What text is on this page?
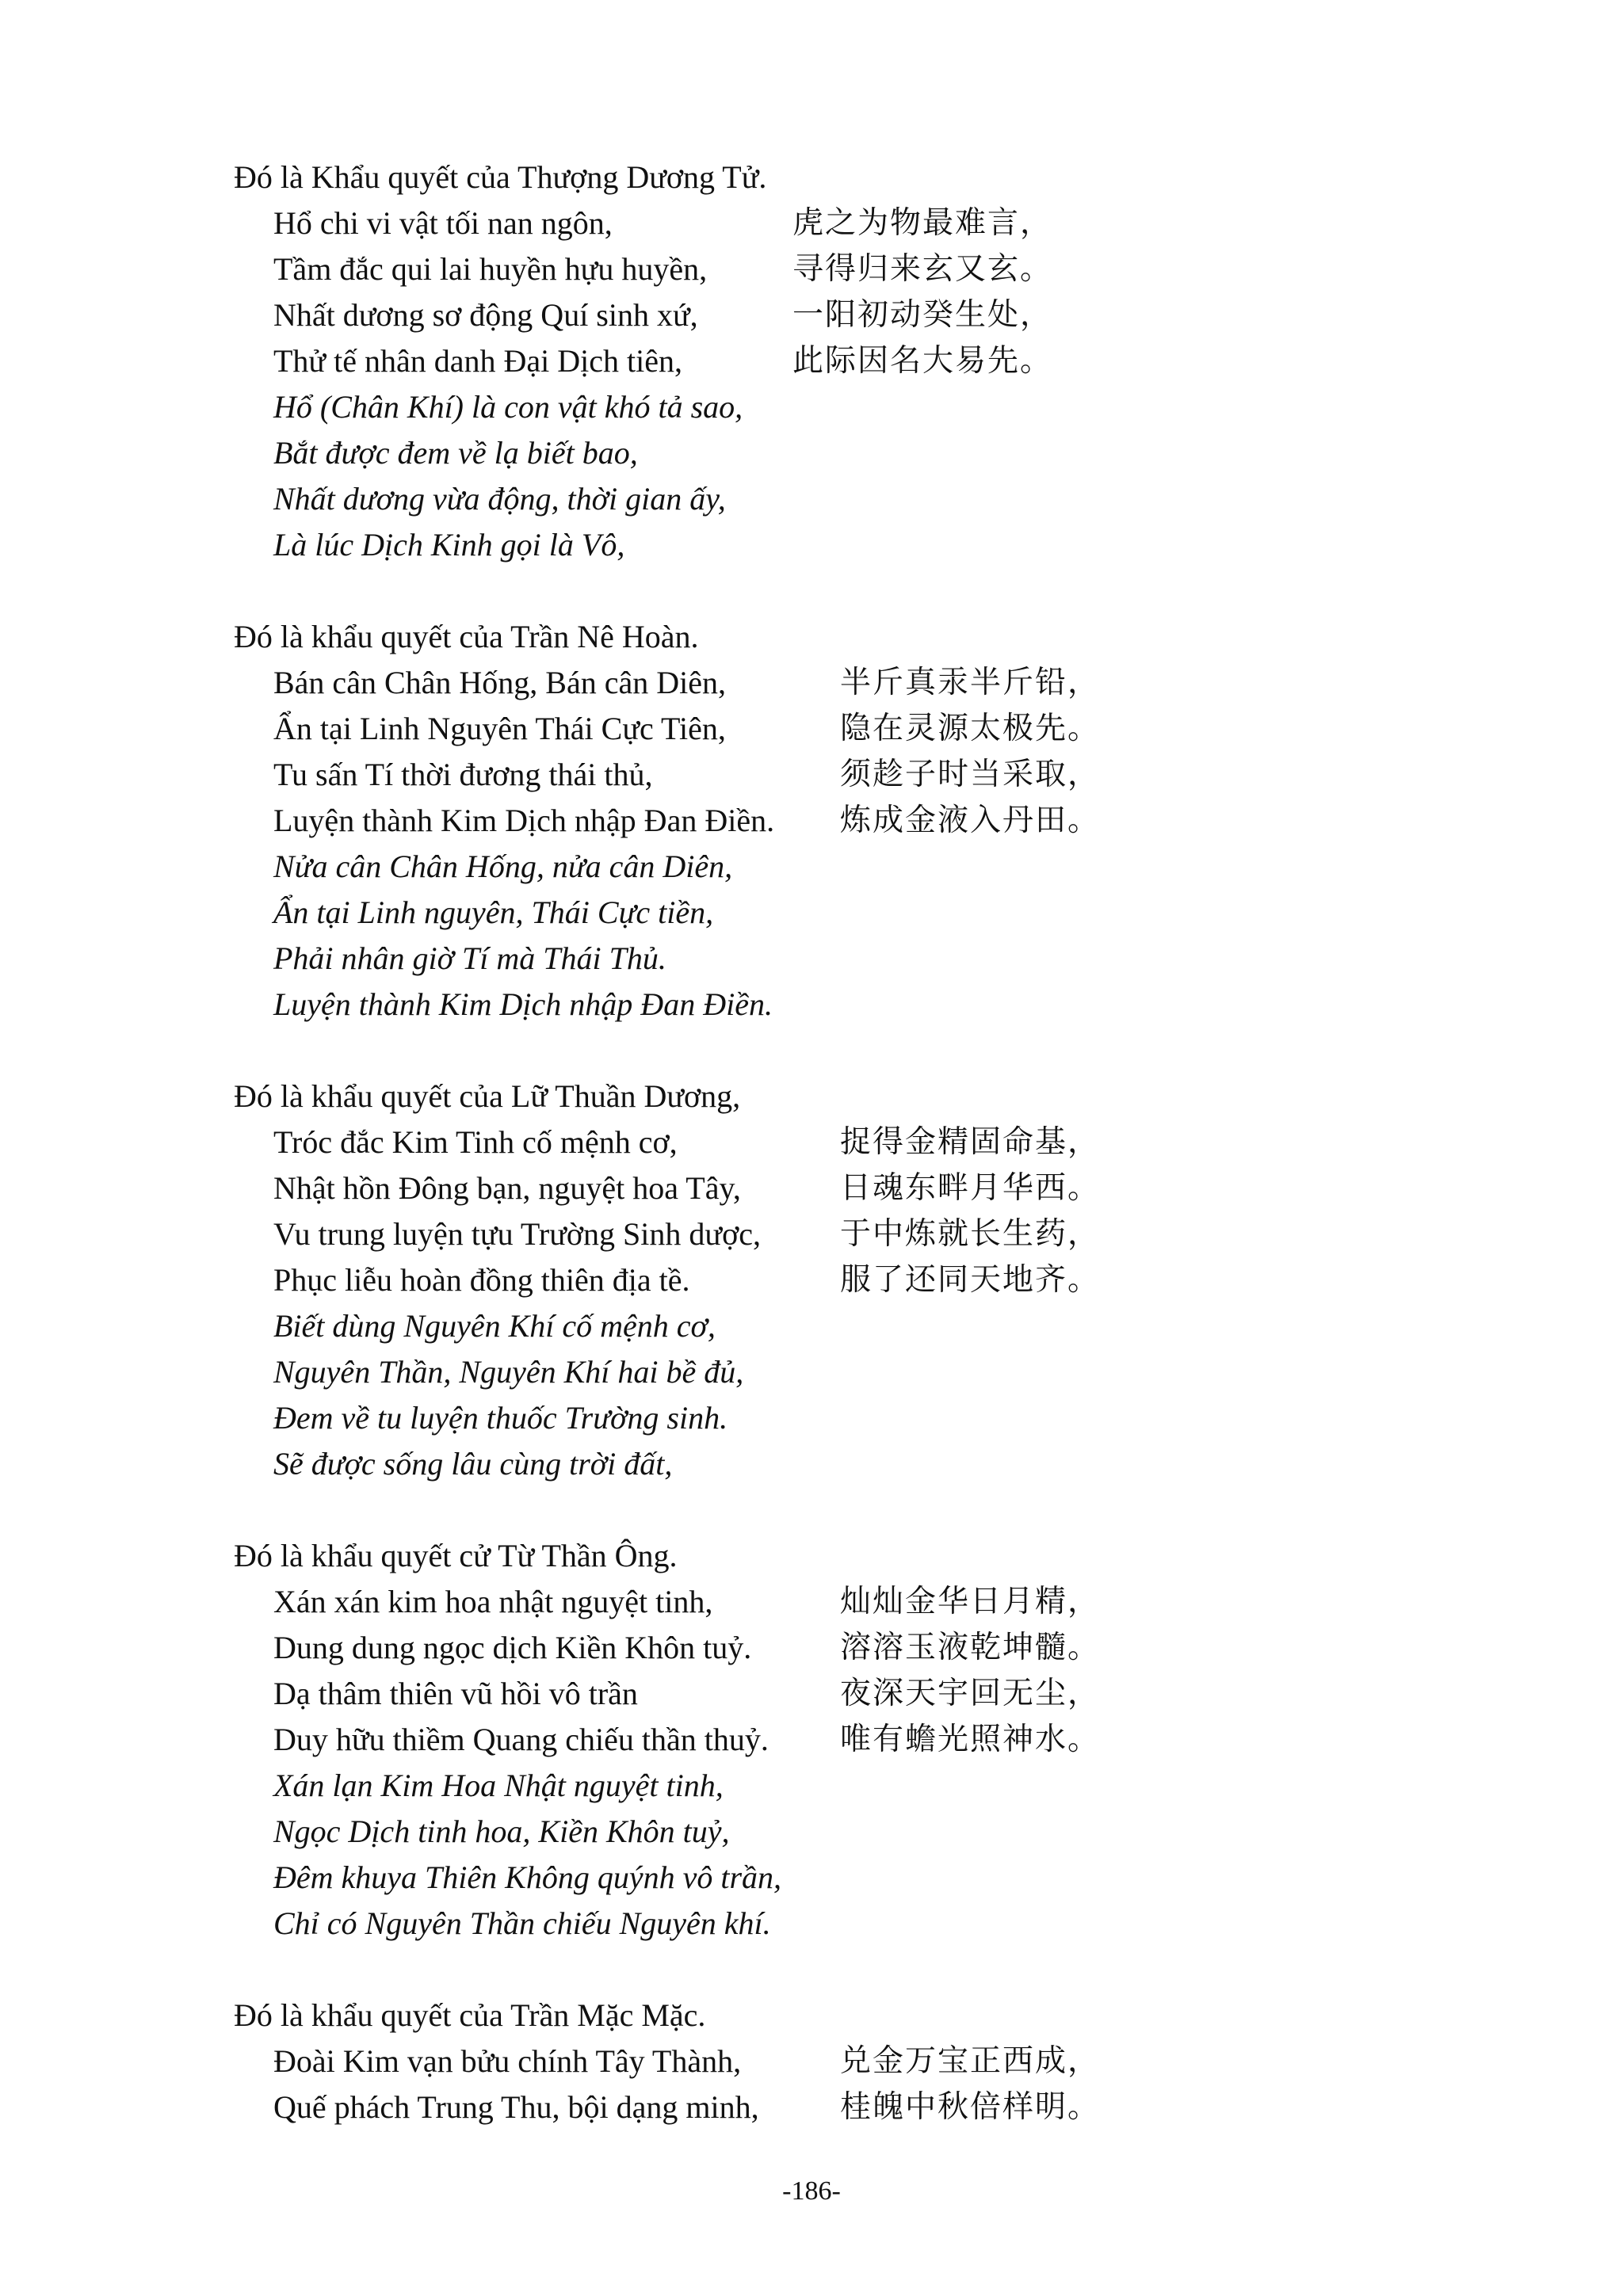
Đó là Khẩu quyết của Thượng Dương Tử.
Hổ chi vi vật tối nan ngôn,	虎之为物最难言，
Tầm đắc qui lai huyền hựu huyền,	寻得归来玄又玄。
Nhất dương sơ động Quí sinh xứ,	一阳初动癸生处，
Thử tế nhân danh Đại Dịch tiên,	此际因名大易先。
Hổ (Chân Khí) là con vật khó tả sao,
Bắt được đem về lạ biết bao,
Nhất dương vừa động, thời gian ấy,
Là lúc Dịch Kinh gọi là Vô,
Đó là khẩu quyết của Trần Nê Hoàn.
Bán cân Chân Hống, Bán cân Diên,	半斤真汞半斤铅，
Ẩn tại Linh Nguyên Thái Cực Tiên,	隐在灵源太极先。
Tu sấn Tí thời đương thái thủ,	须趁子时当采取，
Luyện thành Kim Dịch nhập Đan Điền. 炼成金液入丹田。
Nửa cân Chân Hống, nửa cân Diên,
Ẩn tại Linh nguyên, Thái Cực tiền,
Phải nhân giờ Tí mà Thái Thủ.
Luyện thành Kim Dịch nhập Đan Điền.
Đó là khẩu quyết của Lữ Thuần Dương,
Tróc đắc Kim Tinh cố mệnh cơ,	捉得金精固命基，
Nhật hồn Đông bạn, nguyệt hoa Tây,	日魂东畔月华西。
Vu trung luyện tựu Trường Sinh dược,	于中炼就长生药，
Phục liễu hoàn đồng thiên địa tề.	服了还同天地齐。
Biết dùng Nguyên Khí cố mệnh cơ,
Nguyên Thần, Nguyên Khí hai bề đủ,
Đem về tu luyện thuốc Trường sinh.
Sẽ được sống lâu cùng trời đất,
Đó là khẩu quyết cử Từ Thần Ông.
Xán xán kim hoa nhật nguyệt tinh,	灿灿金华日月精，
Dung dung ngọc dịch Kiền Khôn tuỷ.	溶溶玉液乾坤髓。
Dạ thâm thiên vũ hồi vô trần	夜深天宇回无尘，
Duy hữu thiềm Quang chiếu thần thuỷ. 唯有蟾光照神水。
Xán lạn Kim Hoa Nhật nguyệt tinh,
Ngọc Dịch tinh hoa, Kiền Khôn tuỷ,
Đêm khuya Thiên Không quýnh vô trần,
Chỉ có Nguyên Thần chiếu Nguyên khí.
Đó là khẩu quyết của Trần Mặc Mặc.
Đoài Kim vạn bửu chính Tây Thành,	兑金万宝正西成，
Quế phách Trung Thu, bội dạng minh,	桂魄中秋倍样明。
-186-
